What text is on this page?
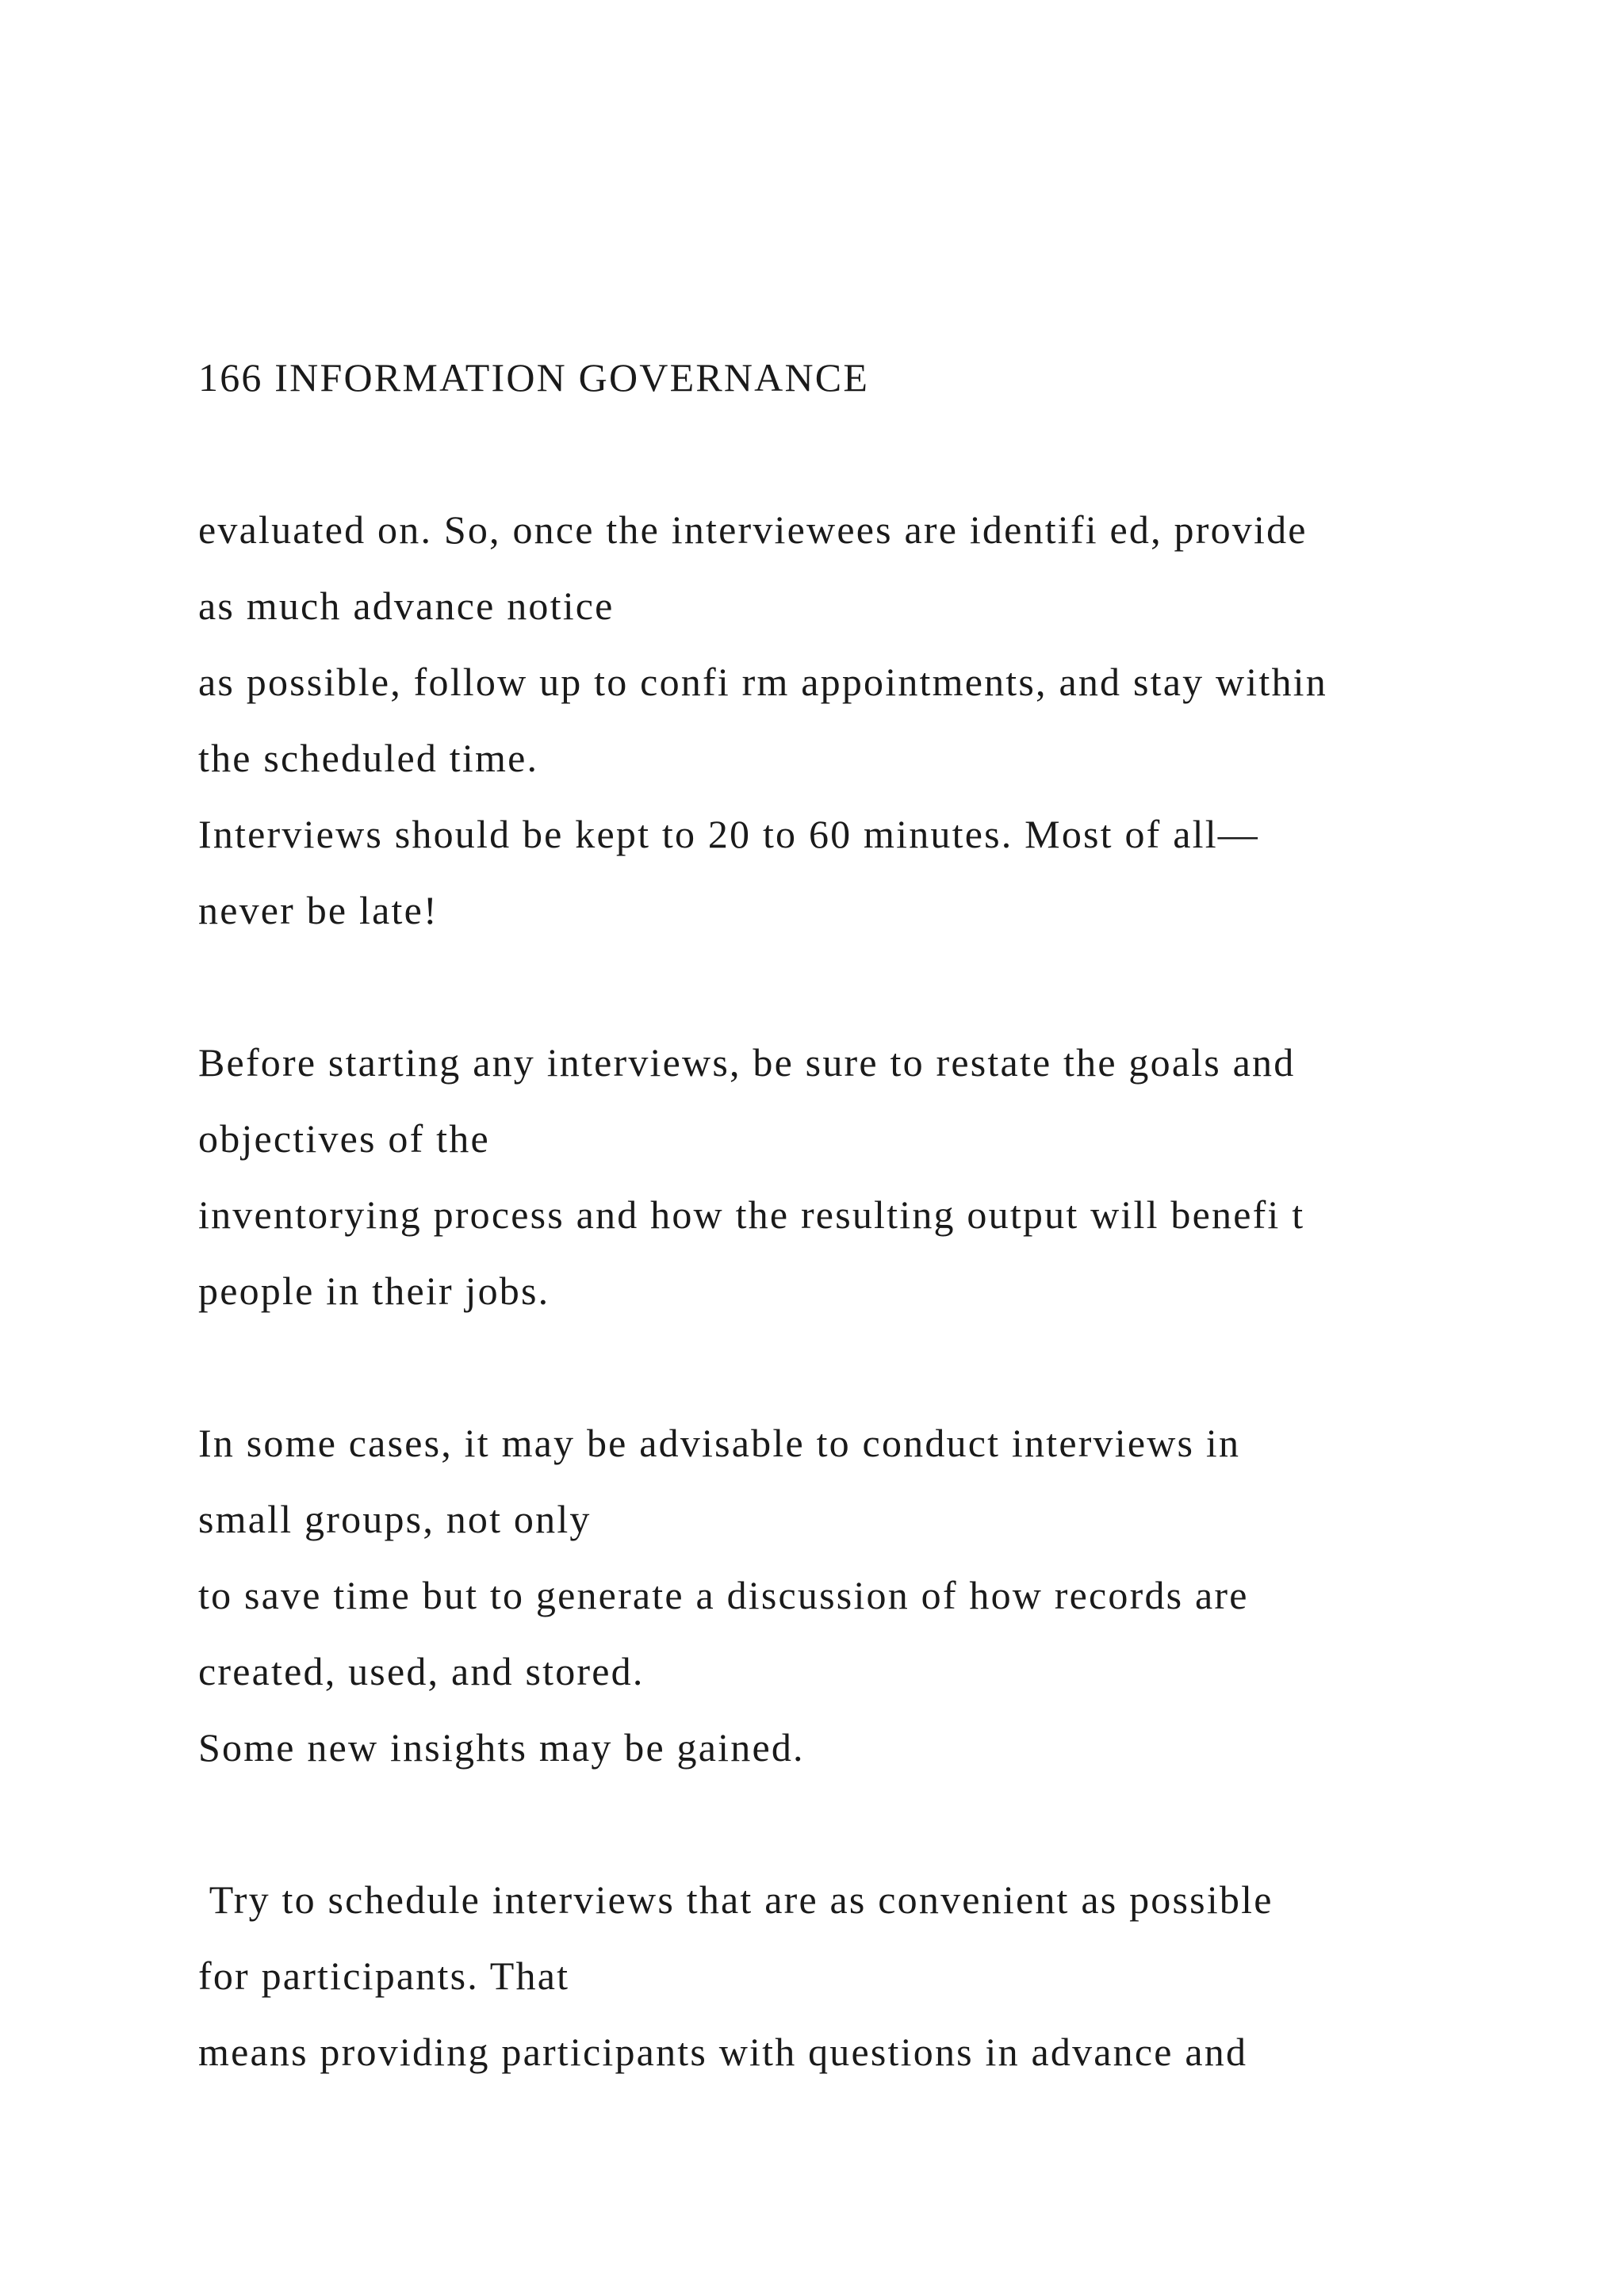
166 INFORMATION GOVERNANCE
evaluated on. So, once the interviewees are identifi ed, provide
as much advance notice
as possible, follow up to confi rm appointments, and stay within
the scheduled time.
Interviews should be kept to 20 to 60 minutes. Most of all—
never be late!
Before starting any interviews, be sure to restate the goals and
objectives of the
inventorying process and how the resulting output will benefi t
people in their jobs.
In some cases, it may be advisable to conduct interviews in
small groups, not only
to save time but to generate a discussion of how records are
created, used, and stored.
Some new insights may be gained.
Try to schedule interviews that are as convenient as possible
for participants. That
means providing participants with questions in advance and
